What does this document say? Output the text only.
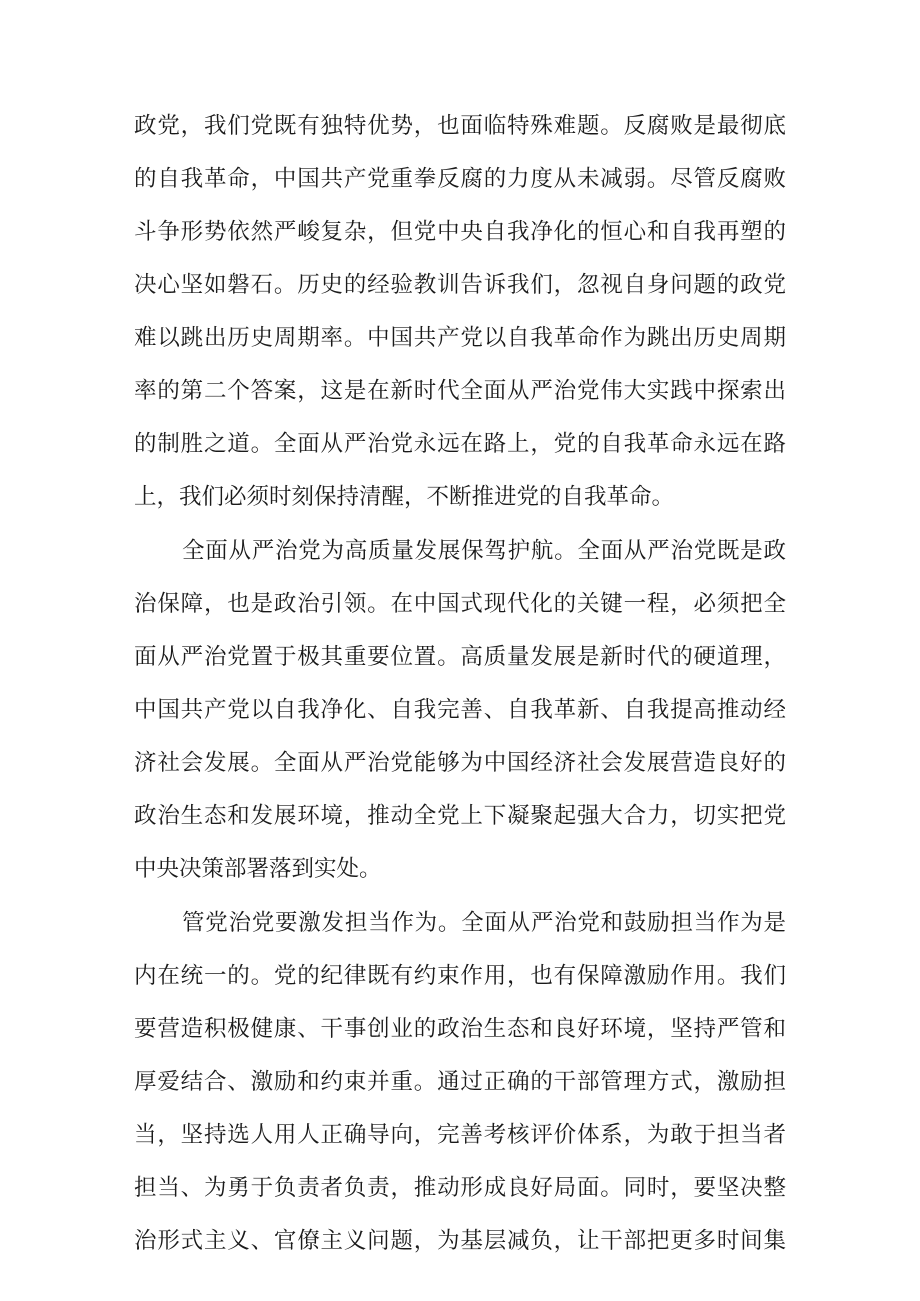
政党，我们党既有独特优势，也面临特殊难题。反腐败是最彻底
的自我革命，中国共产党重拳反腐的力度从未减弱。尽管反腐败
斗争形势依然严峻复杂，但党中央自我净化的恒心和自我再塑的
决心坚如磐石。历史的经验教训告诉我们，忽视自身问题的政党
难以跳出历史周期率。中国共产党以自我革命作为跳出历史周期
率的第二个答案，这是在新时代全面从严治党伟大实践中探索出
的制胜之道。全面从严治党永远在路上，党的自我革命永远在路
上，我们必须时刻保持清醒，不断推进党的自我革命。
全面从严治党为高质量发展保驾护航。全面从严治党既是政
治保障，也是政治引领。在中国式现代化的关键一程，必须把全
面从严治党置于极其重要位置。高质量发展是新时代的硬道理，
中国共产党以自我净化、自我完善、自我革新、自我提高推动经
济社会发展。全面从严治党能够为中国经济社会发展营造良好的
政治生态和发展环境，推动全党上下凝聚起强大合力，切实把党
中央决策部署落到实处。
管党治党要激发担当作为。全面从严治党和鼓励担当作为是
内在统一的。党的纪律既有约束作用，也有保障激励作用。我们
要营造积极健康、干事创业的政治生态和良好环境，坚持严管和
厚爱结合、激励和约束并重。通过正确的干部管理方式，激励担
当，坚持选人用人正确导向，完善考核评价体系，为敢于担当者
担当、为勇于负责者负责，推动形成良好局面。同时，要坚决整
治形式主义、官僚主义问题，为基层减负，让干部把更多时间集
